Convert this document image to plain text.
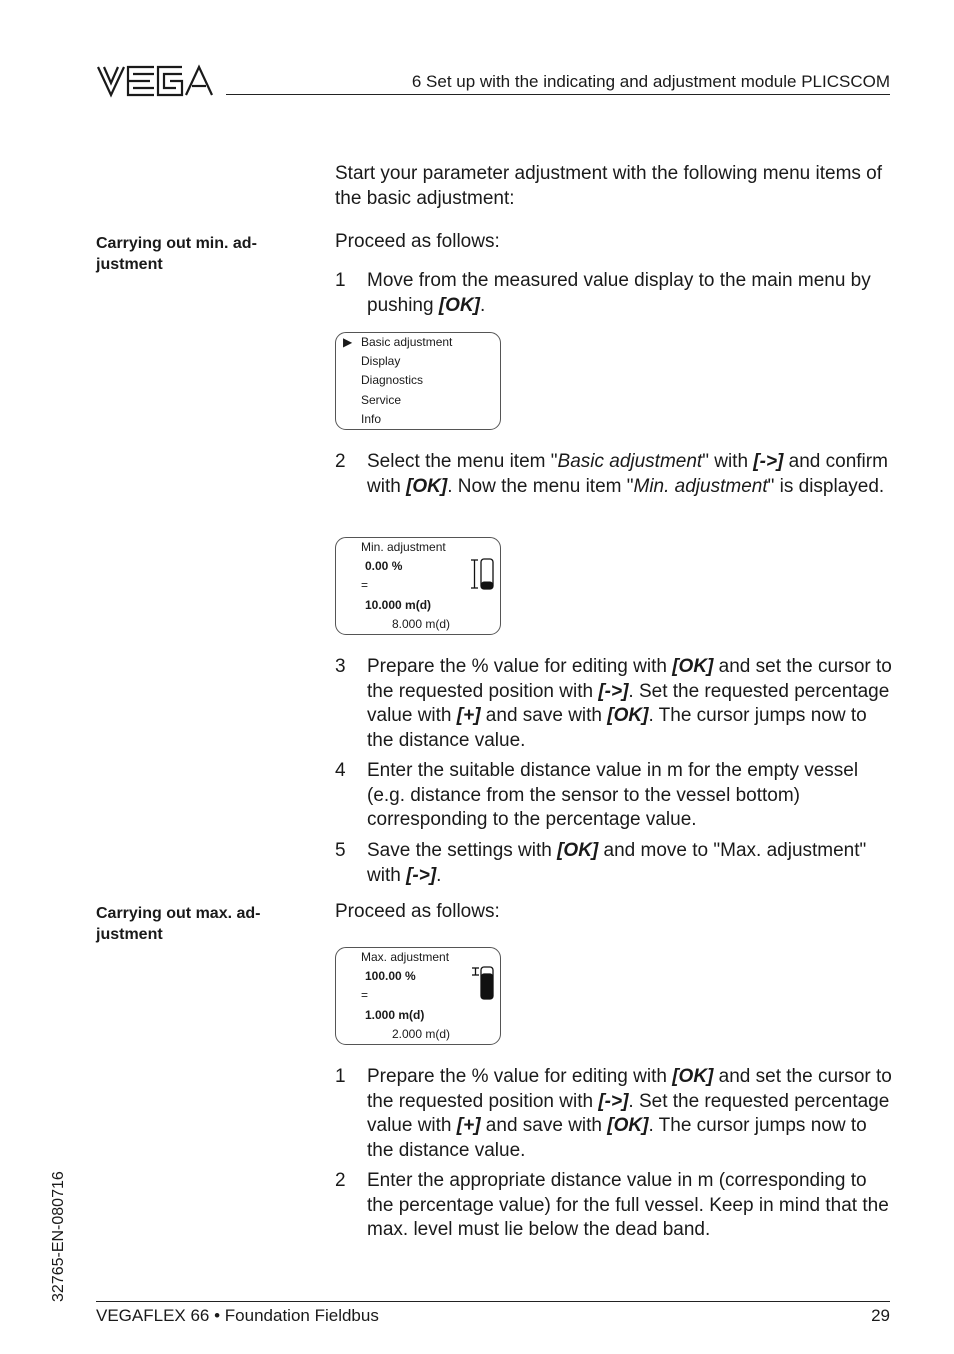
6 Set up with the indicating and adjustment module PLICSCOM
Start your parameter adjustment with the following menu items of the basic adjustment:
Carrying out min. ad- justment
Proceed as follows:
1	Move from the measured value display to the main menu by pushing [OK].
▶ Basic adjustment
Display
Diagnostics
Service
Info
2	Select the menu item "Basic adjustment" with [->] and confirm with [OK]. Now the menu item "Min. adjustment" is displayed.
Min. adjustment
0.00 %
=
10.000 m(d)
8.000 m(d)
3	Prepare the % value for editing with [OK] and set the cursor to the requested position with [->]. Set the requested percentage value with [+] and save with [OK]. The cursor jumps now to the distance value.
4	Enter the suitable distance value in m for the empty vessel (e.g. distance from the sensor to the vessel bottom) corresponding to the percentage value.
5	Save the settings with [OK] and move to "Max. adjustment" with [->].
Carrying out max. ad- justment
Proceed as follows:
Max. adjustment
100.00 %
=
1.000 m(d)
2.000 m(d)
1	Prepare the % value for editing with [OK] and set the cursor to the requested position with [->]. Set the requested percentage value with [+] and save with [OK]. The cursor jumps now to the distance value.
2	Enter the appropriate distance value in m (corresponding to the percentage value) for the full vessel. Keep in mind that the max. level must lie below the dead band.
32765-EN-080716
VEGAFLEX 66 • Foundation Fieldbus	29
